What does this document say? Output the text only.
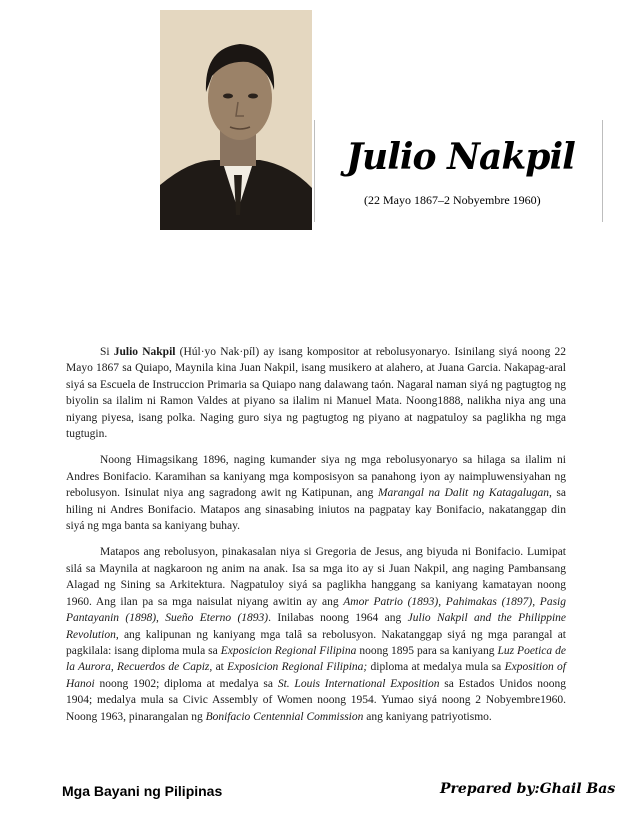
Julio Nakpil
(22 Mayo 1867–2 Nobyembre 1960)

Si Julio Nakpil (Húl·yo Nak·píl) ay isang kompositor at rebolusyonaryo. Isinilang siyá noong 22 Mayo 1867 sa Quiapo, Maynila kina Juan Nakpil, isang musikero at alahero, at Juana Garcia. Nakapag-aral siyá sa Escuela de Instruccion Primaria sa Quiapo nang dalawang taón. Nagaral naman siyá ng pagtugtog ng biyolin sa ilalim ni Ramon Valdes at piyano sa ilalim ni Manuel Mata. Noong1888, nalikha niya ang una niyang piyesa, isang polka. Naging guro siya ng pagtugtog ng piyano at nagpatuloy sa paglikha ng mga tugtugin.

Noong Himagsikang 1896, naging kumander siya ng mga rebolusyonaryo sa hilaga sa ilalim ni Andres Bonifacio. Karamihan sa kaniyang mga komposisyon sa panahong iyon ay naimpluwensiyahan ng rebolusyon. Isinulat niya ang sagradong awit ng Katipunan, ang Marangal na Dalit ng Katagalugan, sa hiling ni Andres Bonifacio. Matapos ang sinasabing iniutos na pagpatay kay Bonifacio, nakatanggap din siyá ng mga banta sa kaniyang buhay.

Matapos ang rebolusyon, pinakasalan niya si Gregoria de Jesus, ang biyuda ni Bonifacio. Lumipat silá sa Maynila at nagkaroon ng anim na anak. Isa sa mga ito ay si Juan Nakpil, ang naging Pambansang Alagad ng Sining sa Arkitektura. Nagpatuloy siyá sa paglikha hanggang sa kaniyang kamatayan noong 1960. Ang ilan pa sa mga naisulat niyang awitin ay ang Amor Patrio (1893), Pahimakas (1897), Pasig Pantayanin (1898), Sueño Eterno (1893). Inilabas noong 1964 ang Julio Nakpil and the Philippine Revolution, ang kalipunan ng kaniyang mga talâ sa rebolusyon. Nakatanggap siyá ng mga parangal at pagkilala: isang diploma mula sa Exposicion Regional Filipina noong 1895 para sa kaniyang Luz Poetica de la Aurora, Recuerdos de Capiz, at Exposicion Regional Filipina; diploma at medalya mula sa Exposition of Hanoi noong 1902; diploma at medalya sa St. Louis International Exposition sa Estados Unidos noong 1904; medalya mula sa Civic Assembly of Women noong 1954. Yumao siyá noong 2 Nobyembre1960. Noong 1963, pinarangalan ng Bonifacio Centennial Commission ang kaniyang patriyotismo.

Mga Bayani ng Pilipinas	Prepared by:Ghail Bas
